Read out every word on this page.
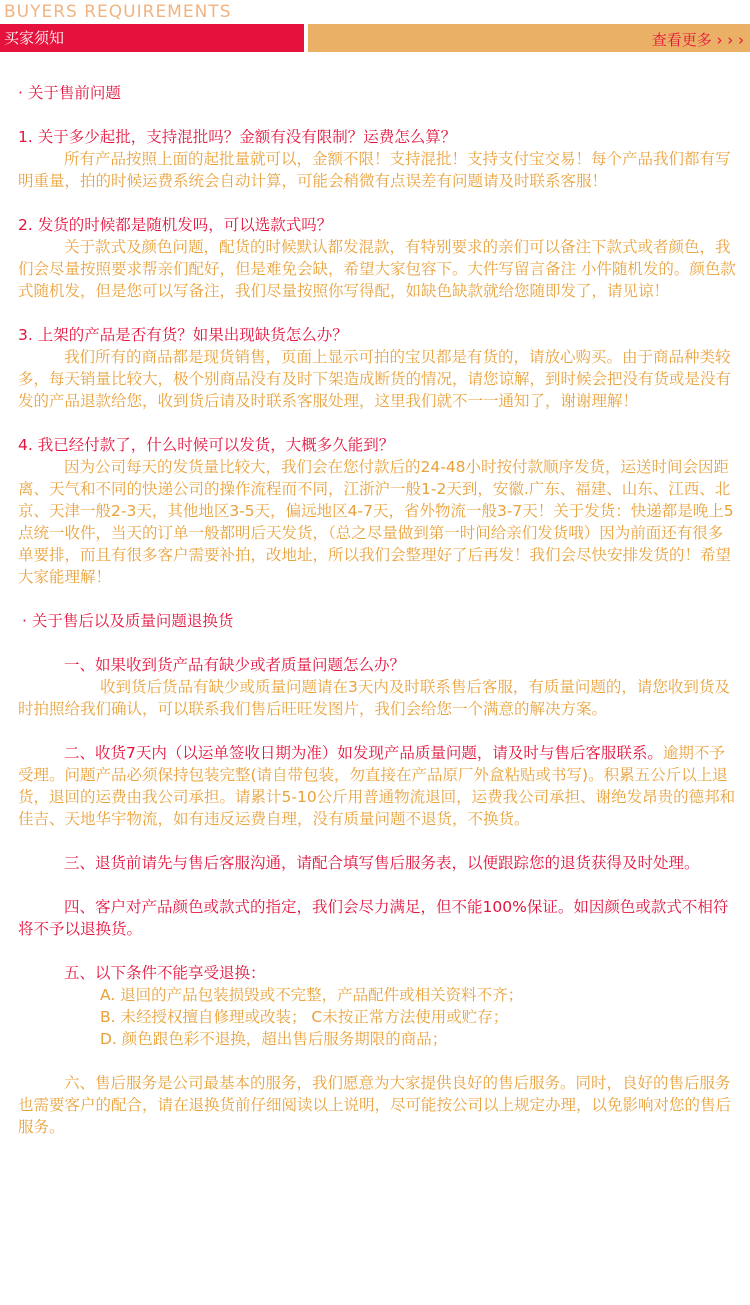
BUYERS REQUIREMENTS
买家须知	查看更多 › › ›

· 关于售前问题

1. 关于多少起批，支持混批吗？金额有没有限制？运费怎么算？

所有产品按照上面的起批量就可以，金额不限！支持混批！支持支付宝交易！每个产品我们都有写明重量，拍的时候运费系统会自动计算，可能会稍微有点误差有问题请及时联系客服！

2. 发货的时候都是随机发吗，可以选款式吗？

关于款式及颜色问题，配货的时候默认都发混款，有特别要求的亲们可以备注下款式或者颜色，我们会尽量按照要求帮亲们配好，但是难免会缺，希望大家包容下。大件写留言备注 小件随机发的。颜色款式随机发，但是您可以写备注，我们尽量按照你写得配，如缺色缺款就给您随即发了，请见谅！

3. 上架的产品是否有货？如果出现缺货怎么办？

我们所有的商品都是现货销售，页面上显示可拍的宝贝都是有货的，请放心购买。由于商品种类较多，每天销量比较大，极个别商品没有及时下架造成断货的情况，请您谅解，到时候会把没有货或是没有发的产品退款给您，收到货后请及时联系客服处理，这里我们就不一一通知了，谢谢理解！

4. 我已经付款了，什么时候可以发货，大概多久能到？

因为公司每天的发货量比较大，我们会在您付款后的24-48小时按付款顺序发货，运送时间会因距离、天气和不同的快递公司的操作流程而不同，江浙沪一般1-2天到，安徽.广东、福建、山东、江西、北京、天津一般2-3天，其他地区3-5天，偏远地区4-7天，省外物流一般3-7天！关于发货：快递都是晚上5点统一收件，当天的订单一般都明后天发货，（总之尽量做到第一时间给亲们发货哦）因为前面还有很多单要排，而且有很多客户需要补拍，改地址，所以我们会整理好了后再发！我们会尽快安排发货的！希望大家能理解！

· 关于售后以及质量问题退换货

一、如果收到货产品有缺少或者质量问题怎么办？

收到货后货品有缺少或质量问题请在3天内及时联系售后客服，有质量问题的，请您收到货及时拍照给我们确认，可以联系我们售后旺旺发图片，我们会给您一个满意的解决方案。

二、收货7天内（以运单签收日期为准）如发现产品质量问题，请及时与售后客服联系。逾期不予受理。问题产品必须保持包装完整(请自带包装，勿直接在产品原厂外盒粘贴或书写)。积累五公斤以上退货，退回的运费由我公司承担。请累计5-10公斤用普通物流退回，运费我公司承担、谢绝发昂贵的德邦和佳吉、天地华宇物流，如有违反运费自理，没有质量问题不退货，不换货。

三、退货前请先与售后客服沟通，请配合填写售后服务表，以便跟踪您的退货获得及时处理。

四、客户对产品颜色或款式的指定，我们会尽力满足，但不能100%保证。如因颜色或款式不相符将不予以退换货。

五、以下条件不能享受退换：

A. 退回的产品包装损毁或不完整，产品配件或相关资料不齐；

B. 未经授权擅自修理或改装； C未按正常方法使用或贮存；

D. 颜色跟色彩不退换，超出售后服务期限的商品；

六、售后服务是公司最基本的服务，我们愿意为大家提供良好的售后服务。同时，良好的售后服务也需要客户的配合，请在退换货前仔细阅读以上说明，尽可能按公司以上规定办理，以免影响对您的售后服务。
